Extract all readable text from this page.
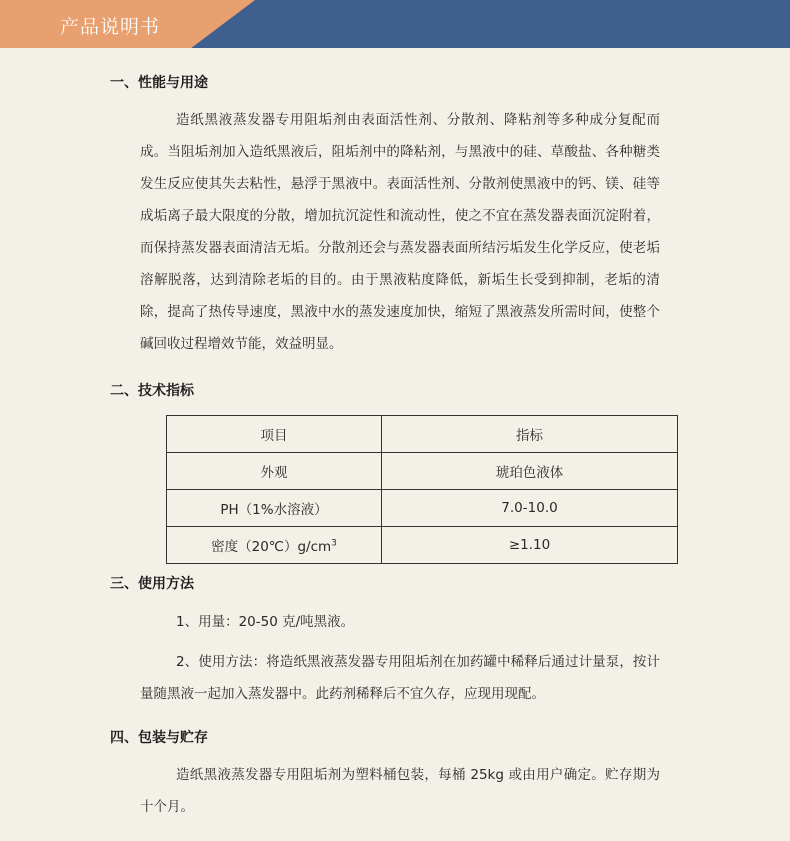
产品说明书
一、性能与用途

造纸黑液蒸发器专用阻垢剂由表面活性剂、分散剂、降粘剂等多种成分复配而成。当阻垢剂加入造纸黑液后，阻垢剂中的降粘剂，与黑液中的硅、草酸盐、各种糖类发生反应使其失去粘性，悬浮于黑液中。表面活性剂、分散剂使黑液中的钙、镁、硅等成垢离子最大限度的分散，增加抗沉淀性和流动性，使之不宜在蒸发器表面沉淀附着，而保持蒸发器表面清洁无垢。分散剂还会与蒸发器表面所结污垢发生化学反应，使老垢溶解脱落，达到清除老垢的目的。由于黑液粘度降低，新垢生长受到抑制，老垢的清除，提高了热传导速度，黑液中水的蒸发速度加快，缩短了黑液蒸发所需时间，使整个碱回收过程增效节能，效益明显。

二、技术指标
项目	指标
外观	琥珀色液体
PH（1%水溶液）	7.0-10.0
密度$(20℃)g/cm^3$	≥1.10
三、使用方法

1、用量：20-50 克/吨黑液。

2、使用方法：将造纸黑液蒸发器专用阻垢剂在加药罐中稀释后通过计量泵，按计量随黑液一起加入蒸发器中。此药剂稀释后不宜久存，应现用现配。

四、包装与贮存

造纸黑液蒸发器专用阻垢剂为塑料桶包装，每桶 25kg 或由用户确定。贮存期为十个月。
